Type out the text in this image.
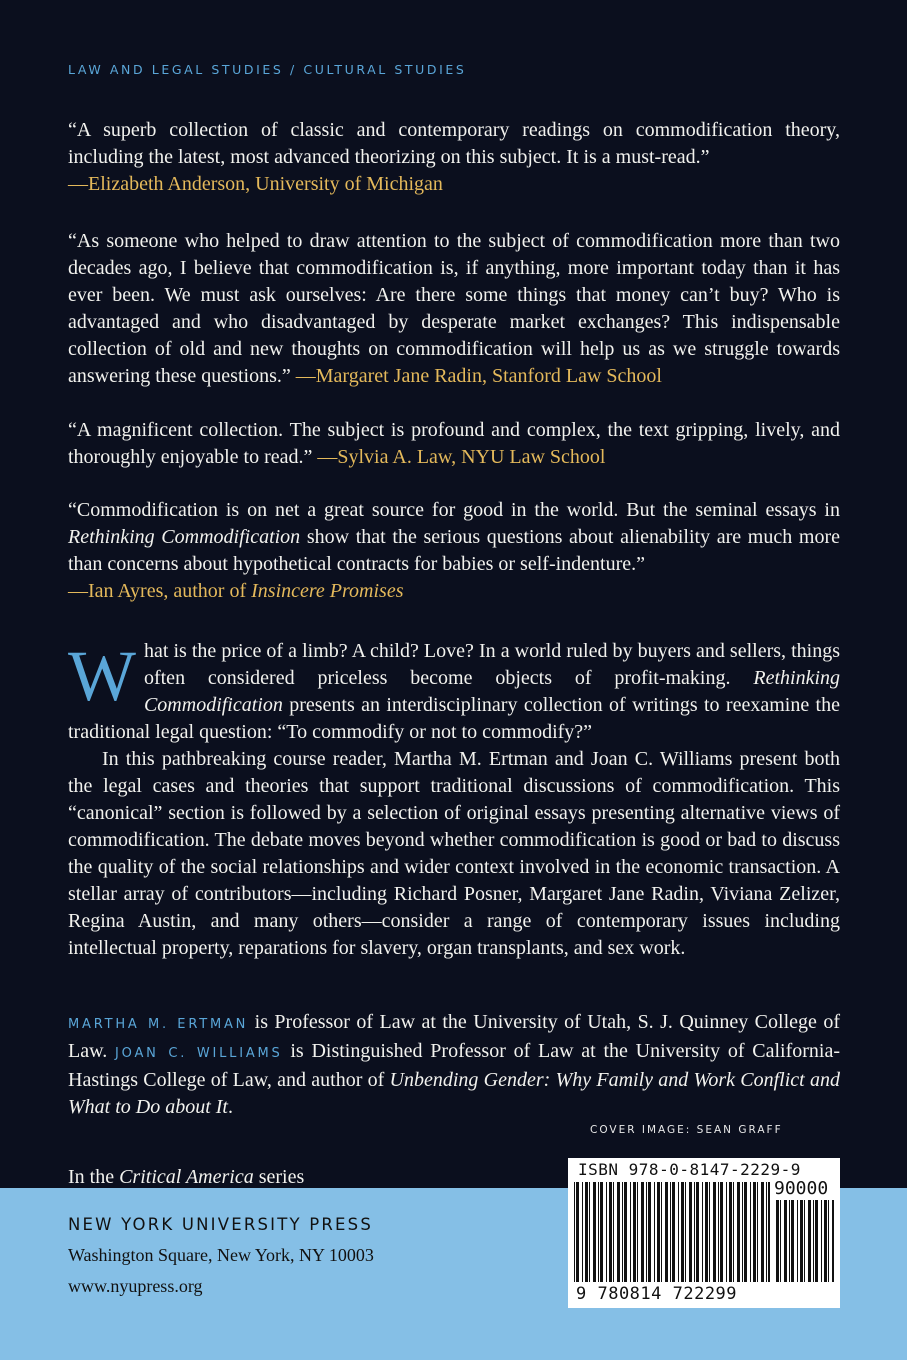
LAW AND LEGAL STUDIES / CULTURAL STUDIES

“A superb collection of classic and contemporary readings on commodification theory, including the latest, most advanced theorizing on this subject. It is a must-read.”
—Elizabeth Anderson, University of Michigan

“As someone who helped to draw attention to the subject of commodification more than two decades ago, I believe that commodification is, if anything, more important today than it has ever been. We must ask ourselves: Are there some things that money can’t buy? Who is advantaged and who disadvantaged by desperate market exchanges? This indispensable collection of old and new thoughts on commodification will help us as we struggle towards answering these questions.” —Margaret Jane Radin, Stanford Law School

“A magnificent collection. The subject is profound and complex, the text gripping, lively, and thoroughly enjoyable to read.” —Sylvia A. Law, NYU Law School

“Commodification is on net a great source for good in the world. But the seminal essays in Rethinking Commodification show that the serious questions about alienability are much more than concerns about hypothetical contracts for babies or self-indenture.”
—Ian Ayres, author of Insincere Promises

What is the price of a limb? A child? Love? In a world ruled by buyers and sellers, things often considered priceless become objects of profit-making. Rethinking Commodification presents an interdisciplinary collection of writings to reexamine the traditional legal question: “To commodify or not to commodify?”

In this pathbreaking course reader, Martha M. Ertman and Joan C. Williams present both the legal cases and theories that support traditional discussions of commodification. This “canonical” section is followed by a selection of original essays presenting alternative views of commodification. The debate moves beyond whether commodification is good or bad to discuss the quality of the social relationships and wider context involved in the economic transaction. A stellar array of contributors—including Richard Posner, Margaret Jane Radin, Viviana Zelizer, Regina Austin, and many others—consider a range of contemporary issues including intellectual property, reparations for slavery, organ transplants, and sex work.

MARTHA M. ERTMAN is Professor of Law at the University of Utah, S. J. Quinney College of Law. JOAN C. WILLIAMS is Distinguished Professor of Law at the University of California-Hastings College of Law, and author of Unbending Gender: Why Family and Work Conflict and What to Do about It.

COVER IMAGE: SEAN GRAFF
In the Critical America series
NEW YORK UNIVERSITY PRESS
Washington Square, New York, NY 10003
www.nyupress.org
ISBN 978-0-8147-2229-9
90000
9 780814 722299
